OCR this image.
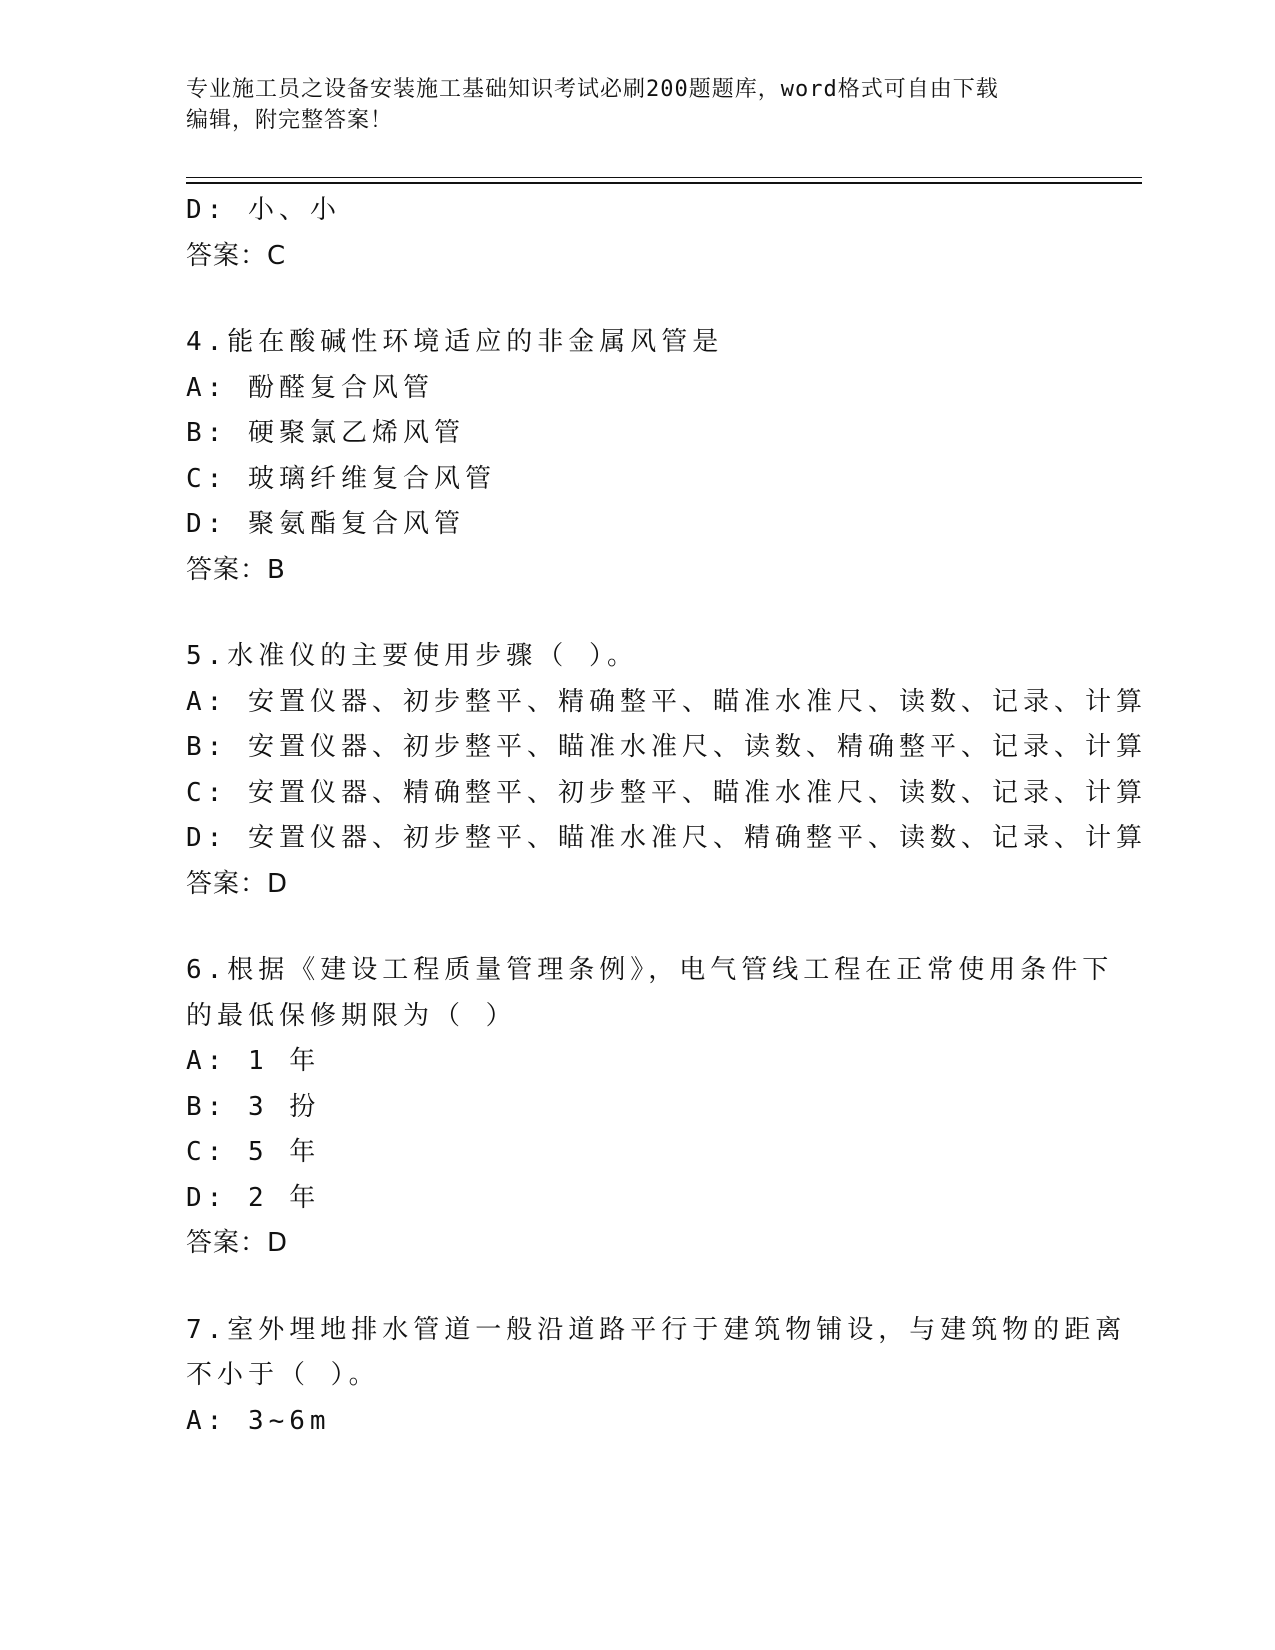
专业施工员之设备安装施工基础知识考试必刷200题题库，word格式可自由下载
编辑，附完整答案！
D: 小、小
答案：C
4.能在酸碱性环境适应的非金属风管是
A: 酚醛复合风管
B: 硬聚氯乙烯风管
C: 玻璃纤维复合风管
D: 聚氨酯复合风管
答案：B
5.水准仪的主要使用步骤（ ）。
A: 安置仪器、初步整平、精确整平、瞄准水准尺、读数、记录、计算
B: 安置仪器、初步整平、瞄准水准尺、读数、精确整平、记录、计算
C: 安置仪器、精确整平、初步整平、瞄准水准尺、读数、记录、计算
D: 安置仪器、初步整平、瞄准水准尺、精确整平、读数、记录、计算
答案：D
6.根据《建设工程质量管理条例》，电气管线工程在正常使用条件下
的最低保修期限为（ ）
A: 1 年
B: 3 扮
C: 5 年
D: 2 年
答案：D
7.室外埋地排水管道一般沿道路平行于建筑物铺设，与建筑物的距离
不小于（ ）。
A: 3~6m
